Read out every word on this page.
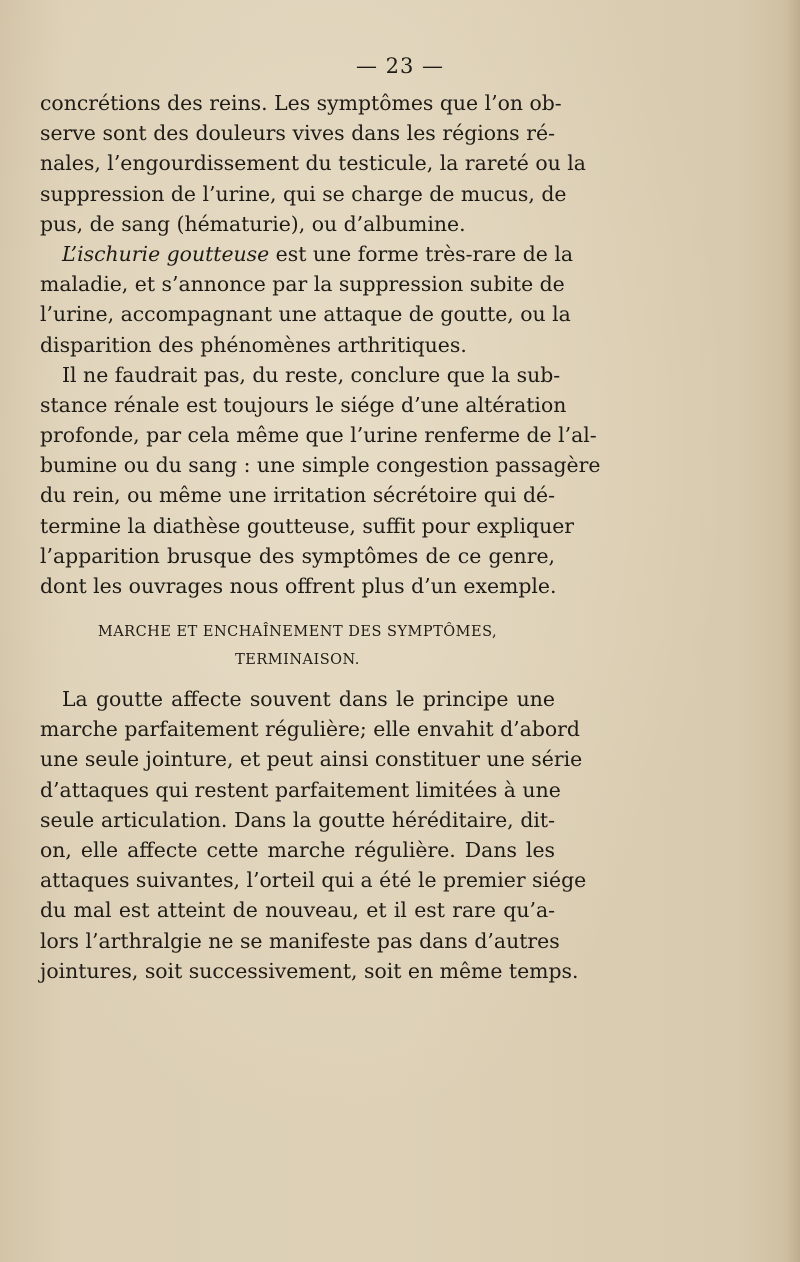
— 23 —
concrétions des reins. Les symptômes que l’on ob-
serve sont des douleurs vives dans les régions ré-
nales, l’engourdissement du testicule, la rareté ou la
suppression de l’urine, qui se charge de mucus, de
pus, de sang (hématurie), ou d’albumine.
L’ischurie goutteuse est une forme très-rare de la
maladie, et s’annonce par la suppression subite de
l’urine, accompagnant une attaque de goutte, ou la
disparition des phénomènes arthritiques.
Il ne faudrait pas, du reste, conclure que la sub-
stance rénale est toujours le siége d’une altération
profonde, par cela même que l’urine renferme de l’al-
bumine ou du sang : une simple congestion passagère
du rein, ou même une irritation sécrétoire qui dé-
termine la diathèse goutteuse, suffit pour expliquer
l’apparition brusque des symptômes de ce genre,
dont les ouvrages nous offrent plus d’un exemple.
MARCHE ET ENCHAÎNEMENT DES SYMPTÔMES,
TERMINAISON.
La goutte affecte souvent dans le principe une
marche parfaitement régulière; elle envahit d’abord
une seule jointure, et peut ainsi constituer une série
d’attaques qui restent parfaitement limitées à une
seule articulation. Dans la goutte héréditaire, dit-
on, elle affecte cette marche régulière. Dans les
attaques suivantes, l’orteil qui a été le premier siége
du mal est atteint de nouveau, et il est rare qu’a-
lors l’arthralgie ne se manifeste pas dans d’autres
jointures, soit successivement, soit en même temps.
